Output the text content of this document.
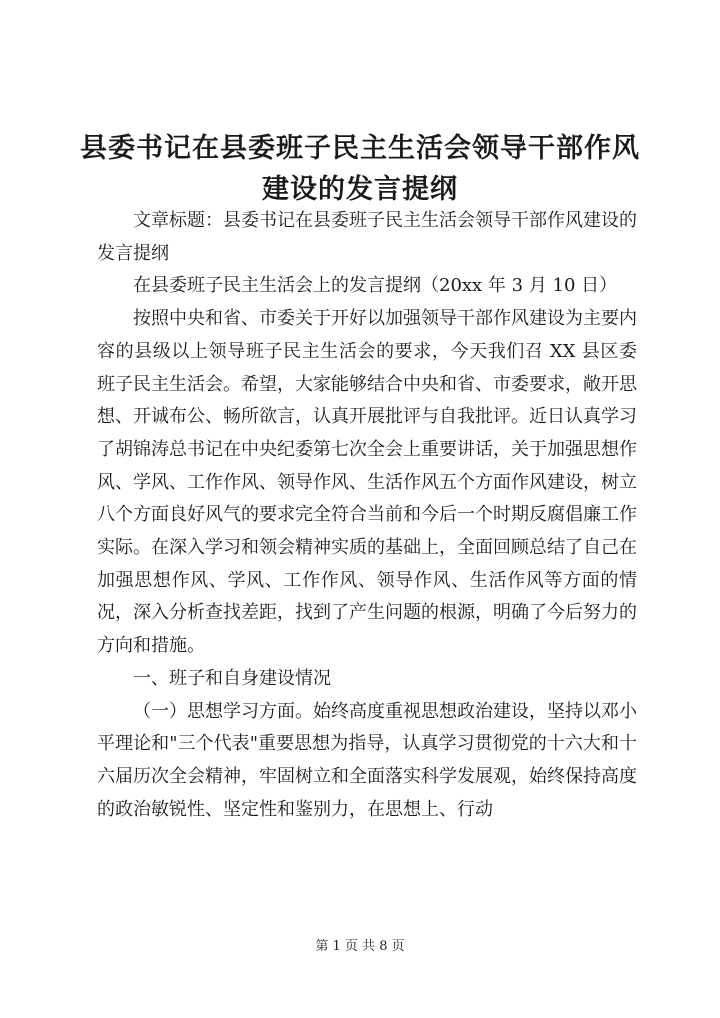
县委书记在县委班子民主生活会领导干部作风建设的发言提纲

文章标题：县委书记在县委班子民主生活会领导干部作风建设的发言提纲

在县委班子民主生活会上的发言提纲（20xx 年 3 月 10 日）

按照中央和省、市委关于开好以加强领导干部作风建设为主要内容的县级以上领导班子民主生活会的要求，今天我们召 XX 县区委班子民主生活会。希望，大家能够结合中央和省、市委要求，敞开思想、开诚布公、畅所欲言，认真开展批评与自我批评。近日认真学习了胡锦涛总书记在中央纪委第七次全会上重要讲话，关于加强思想作风、学风、工作作风、领导作风、生活作风五个方面作风建设，树立八个方面良好风气的要求完全符合当前和今后一个时期反腐倡廉工作实际。在深入学习和领会精神实质的基础上，全面回顾总结了自己在加强思想作风、学风、工作作风、领导作风、生活作风等方面的情况，深入分析查找差距，找到了产生问题的根源，明确了今后努力的方向和措施。

一、班子和自身建设情况

（一）思想学习方面。始终高度重视思想政治建设，坚持以邓小平理论和"三个代表"重要思想为指导，认真学习贯彻党的十六大和十六届历次全会精神，牢固树立和全面落实科学发展观，始终保持高度的政治敏锐性、坚定性和鉴别力，在思想上、行动

第 1 页 共 8 页
